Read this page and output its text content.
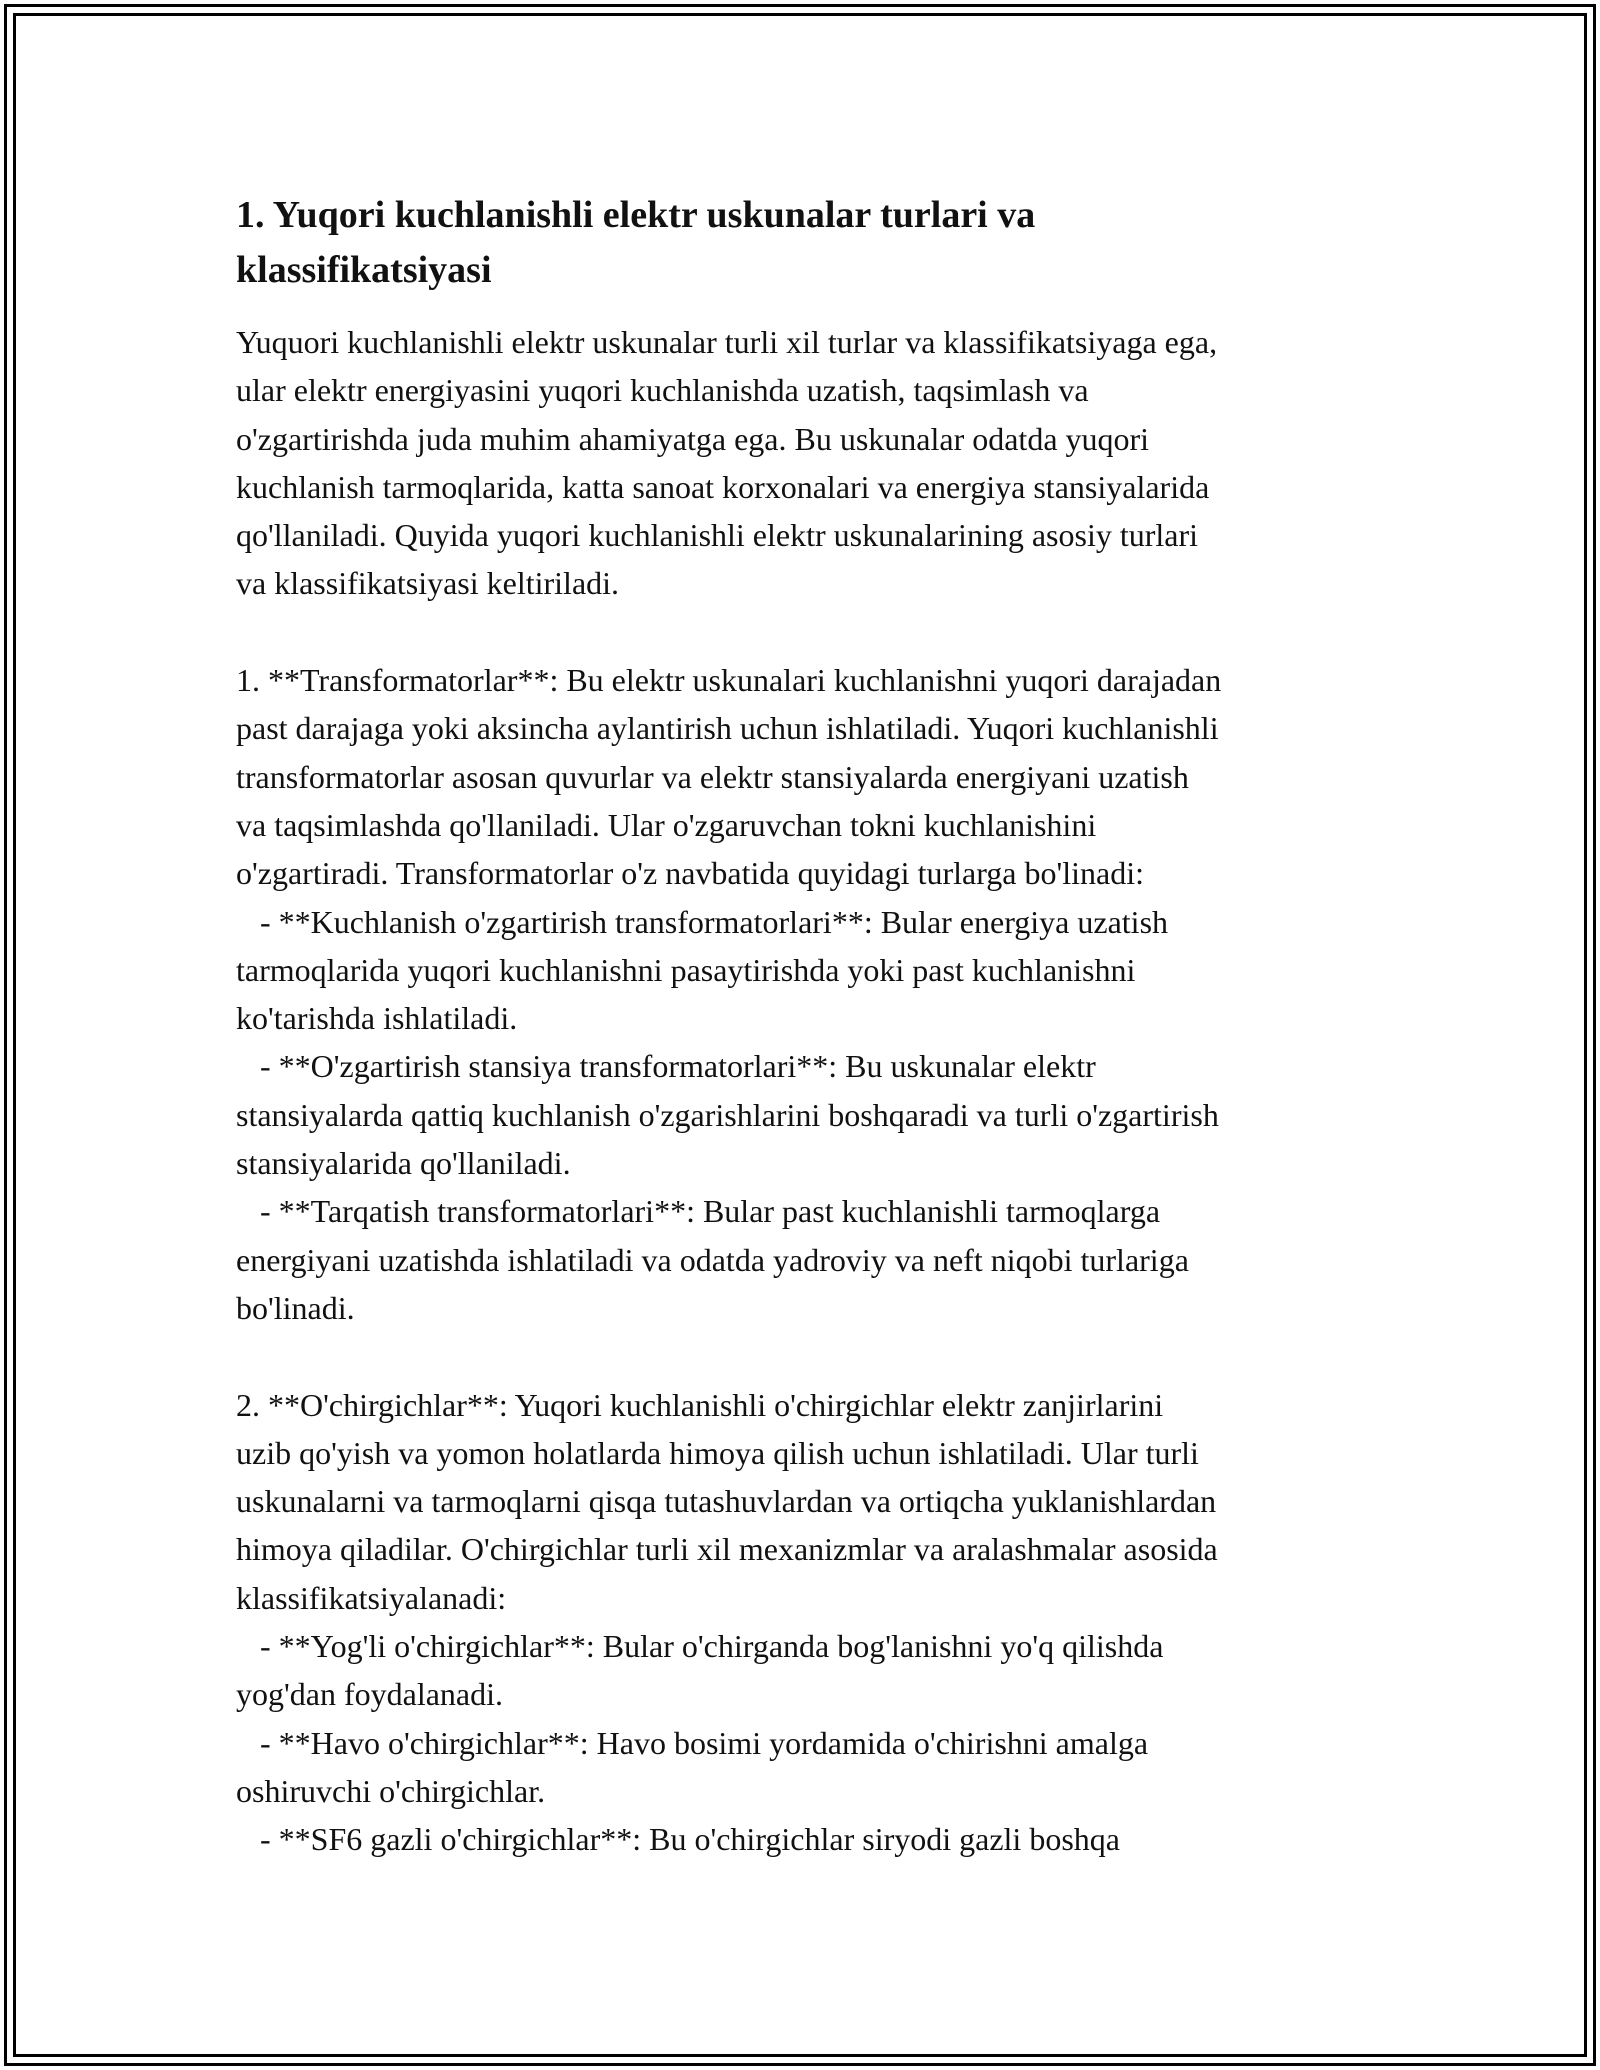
1. Yuqori kuchlanishli elektr uskunalar turlari va
klassifikatsiyasi

Yuquori kuchlanishli elektr uskunalar turli xil turlar va klassifikatsiyaga ega,

ular elektr energiyasini yuqori kuchlanishda uzatish, taqsimlash va

o'zgartirishda juda muhim ahamiyatga ega. Bu uskunalar odatda yuqori

kuchlanish tarmoqlarida, katta sanoat korxonalari va energiya stansiyalarida

qo'llaniladi. Quyida yuqori kuchlanishli elektr uskunalarining asosiy turlari

va klassifikatsiyasi keltiriladi.

1. **Transformatorlar**: Bu elektr uskunalari kuchlanishni yuqori darajadan

past darajaga yoki aksincha aylantirish uchun ishlatiladi. Yuqori kuchlanishli

transformatorlar asosan quvurlar va elektr stansiyalarda energiyani uzatish

va taqsimlashda qo'llaniladi. Ular o'zgaruvchan tokni kuchlanishini

o'zgartiradi. Transformatorlar o'z navbatida quyidagi turlarga bo'linadi:

- **Kuchlanish o'zgartirish transformatorlari**: Bular energiya uzatish

tarmoqlarida yuqori kuchlanishni pasaytirishda yoki past kuchlanishni

ko'tarishda ishlatiladi.

- **O'zgartirish stansiya transformatorlari**: Bu uskunalar elektr

stansiyalarda qattiq kuchlanish o'zgarishlarini boshqaradi va turli o'zgartirish

stansiyalarida qo'llaniladi.

- **Tarqatish transformatorlari**: Bular past kuchlanishli tarmoqlarga

energiyani uzatishda ishlatiladi va odatda yadroviy va neft niqobi turlariga

bo'linadi.

2. **O'chirgichlar**: Yuqori kuchlanishli o'chirgichlar elektr zanjirlarini

uzib qo'yish va yomon holatlarda himoya qilish uchun ishlatiladi. Ular turli

uskunalarni va tarmoqlarni qisqa tutashuvlardan va ortiqcha yuklanishlardan

himoya qiladilar. O'chirgichlar turli xil mexanizmlar va aralashmalar asosida

klassifikatsiyalanadi:

- **Yog'li o'chirgichlar**: Bular o'chirganda bog'lanishni yo'q qilishda

yog'dan foydalanadi.

- **Havo o'chirgichlar**: Havo bosimi yordamida o'chirishni amalga

oshiruvchi o'chirgichlar.

- **SF6 gazli o'chirgichlar**: Bu o'chirgichlar siryodi gazli boshqa
